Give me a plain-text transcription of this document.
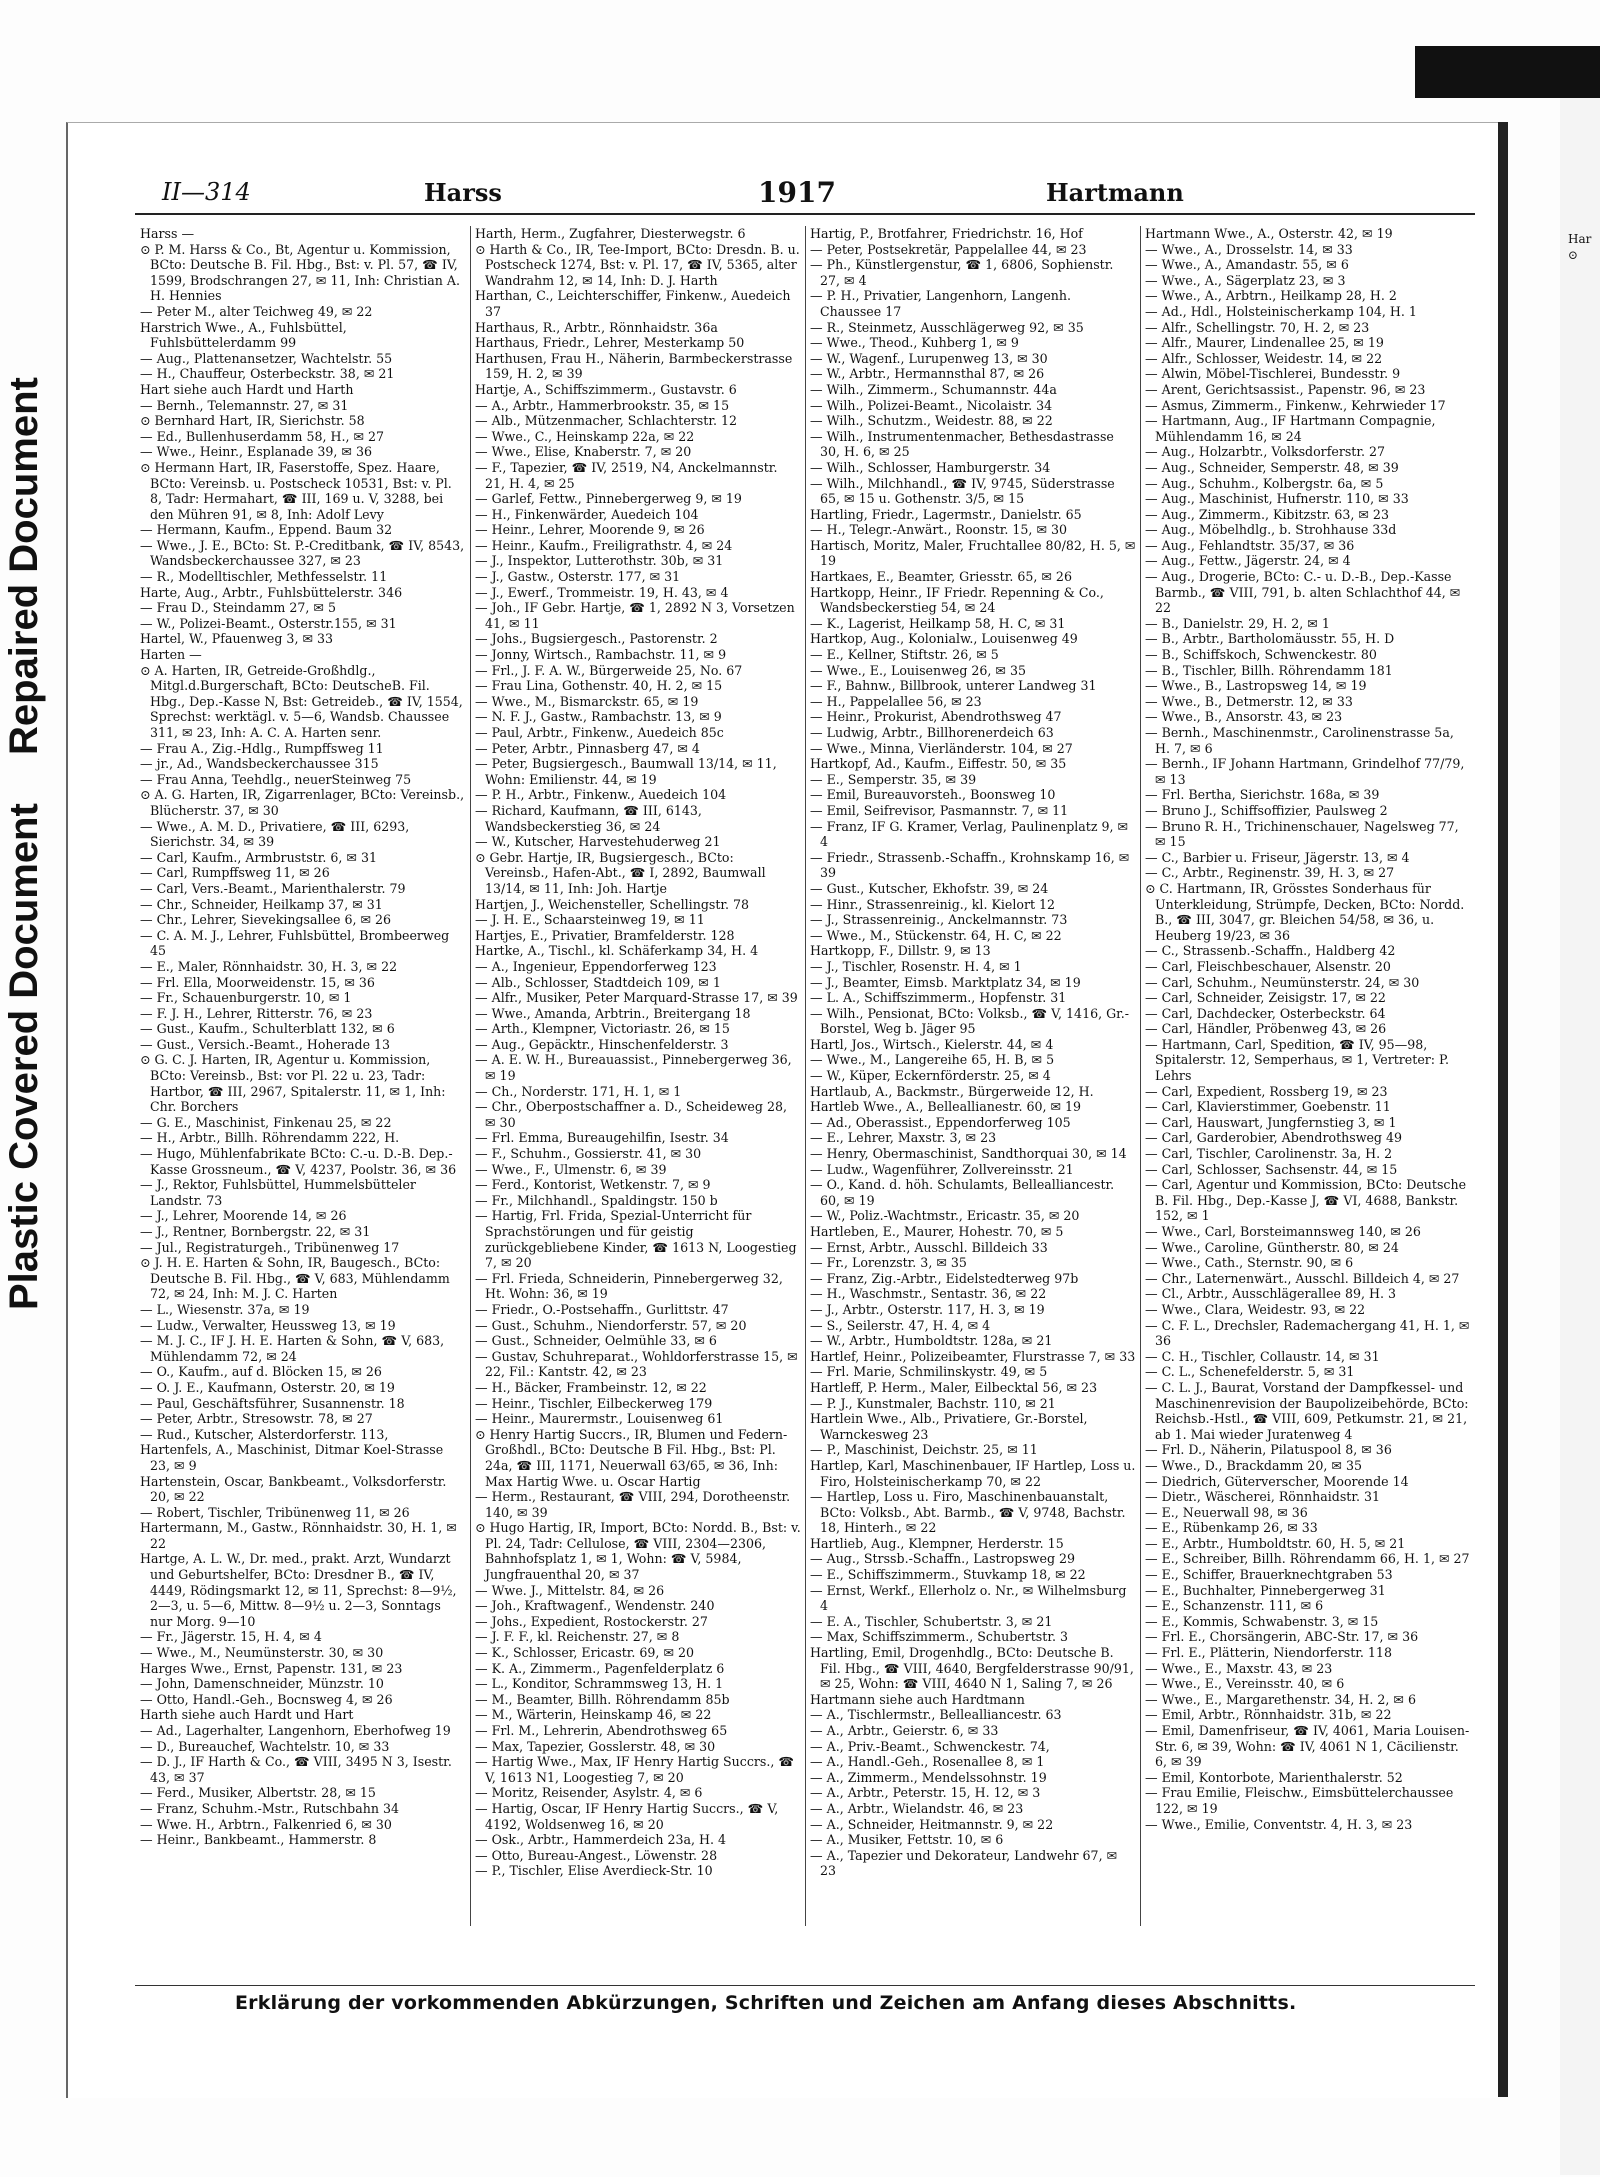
Plastic Covered Document
Repaired Document
II—314	Harss	1917	Hartmann

Harss —

⊙ P. M. Harss & Co., Bt, Agentur u. Kommission, BCto: Deutsche B. Fil. Hbg., Bst: v. Pl. 57, ☎ IV, 1599, Brodschrangen 27, ✉ 11, Inh: Christian A. H. Hennies

— Peter M., alter Teichweg 49, ✉ 22

Harstrich Wwe., A., Fuhlsbüttel, Fuhlsbüttelerdamm 99

— Aug., Plattenansetzer, Wachtelstr. 55

— H., Chauffeur, Osterbeckstr. 38, ✉ 21

Hart siehe auch Hardt und Harth

— Bernh., Telemannstr. 27, ✉ 31

⊙ Bernhard Hart, IR, Sierichstr. 58

— Ed., Bullenhuserdamm 58, H., ✉ 27

— Wwe., Heinr., Esplanade 39, ✉ 36

⊙ Hermann Hart, IR, Faserstoffe, Spez. Haare, BCto: Vereinsb. u. Postscheck 10531, Bst: v. Pl. 8, Tadr: Hermahart, ☎ III, 169 u. V, 3288, bei den Mühren 91, ✉ 8, Inh: Adolf Levy

— Hermann, Kaufm., Eppend. Baum 32

— Wwe., J. E., BCto: St. P.-Creditbank, ☎ IV, 8543, Wandsbeckerchaussee 327, ✉ 23

— R., Modelltischler, Methfesselstr. 11

Harte, Aug., Arbtr., Fuhlsbüttelerstr. 346

— Frau D., Steindamm 27, ✉ 5

— W., Polizei-Beamt., Osterstr.155, ✉ 31

Hartel, W., Pfauenweg 3, ✉ 33

Harten —

⊙ A. Harten, IR, Getreide-Großhdlg., Mitgl.d.Burgerschaft, BCto: DeutscheB. Fil. Hbg., Dep.-Kasse N, Bst: Getreideb., ☎ IV, 1554, Sprechst: werktägl. v. 5—6, Wandsb. Chaussee 311, ✉ 23, Inh: A. C. A. Harten senr.

— Frau A., Zig.-Hdlg., Rumpffsweg 11

— jr., Ad., Wandsbeckerchaussee 315

— Frau Anna, Teehdlg., neuerSteinweg 75

⊙ A. G. Harten, IR, Zigarrenlager, BCto: Vereinsb., Blücherstr. 37, ✉ 30

— Wwe., A. M. D., Privatiere, ☎ III, 6293, Sierichstr. 34, ✉ 39

— Carl, Kaufm., Armbruststr. 6, ✉ 31

— Carl, Rumpffsweg 11, ✉ 26

— Carl, Vers.-Beamt., Marienthalerstr. 79

— Chr., Schneider, Heilkamp 37, ✉ 31

— Chr., Lehrer, Sievekingsallee 6, ✉ 26

— C. A. M. J., Lehrer, Fuhlsbüttel, Brombeerweg 45

— E., Maler, Rönnhaidstr. 30, H. 3, ✉ 22

— Frl. Ella, Moorweidenstr. 15, ✉ 36

— Fr., Schauenburgerstr. 10, ✉ 1

— F. J. H., Lehrer, Ritterstr. 76, ✉ 23

— Gust., Kaufm., Schulterblatt 132, ✉ 6

— Gust., Versich.-Beamt., Hoherade 13

⊙ G. C. J. Harten, IR, Agentur u. Kommission, BCto: Vereinsb., Bst: vor Pl. 22 u. 23, Tadr: Hartbor, ☎ III, 2967, Spitalerstr. 11, ✉ 1, Inh: Chr. Borchers

— G. E., Maschinist, Finkenau 25, ✉ 22

— H., Arbtr., Billh. Röhrendamm 222, H.

— Hugo, Mühlenfabrikate BCto: C.-u. D.-B. Dep.-Kasse Grossneum., ☎ V, 4237, Poolstr. 36, ✉ 36

— J., Rektor, Fuhlsbüttel, Hummelsbütteler Landstr. 73

— J., Lehrer, Moorende 14, ✉ 26

— J., Rentner, Bornbergstr. 22, ✉ 31

— Jul., Registraturgeh., Tribünenweg 17

⊙ J. H. E. Harten & Sohn, IR, Baugesch., BCto: Deutsche B. Fil. Hbg., ☎ V, 683, Mühlendamm 72, ✉ 24, Inh: M. J. C. Harten

— L., Wiesenstr. 37a, ✉ 19

— Ludw., Verwalter, Heussweg 13, ✉ 19

— M. J. C., ⅠF J. H. E. Harten & Sohn, ☎ V, 683, Mühlendamm 72, ✉ 24

— O., Kaufm., auf d. Blöcken 15, ✉ 26

— O. J. E., Kaufmann, Osterstr. 20, ✉ 19

— Paul, Geschäftsführer, Susannenstr. 18

— Peter, Arbtr., Stresowstr. 78, ✉ 27

— Rud., Kutscher, Alsterdorferstr. 113,

Hartenfels, A., Maschinist, Ditmar Koel-Strasse 23, ✉ 9

Hartenstein, Oscar, Bankbeamt., Volksdorferstr. 20, ✉ 22

— Robert, Tischler, Tribünenweg 11, ✉ 26

Hartermann, M., Gastw., Rönnhaidstr. 30, H. 1, ✉ 22

Hartge, A. L. W., Dr. med., prakt. Arzt, Wundarzt und Geburtshelfer, BCto: Dresdner B., ☎ IV, 4449, Rödingsmarkt 12, ✉ 11, Sprechst: 8—9½, 2—3, u. 5—6, Mittw. 8—9½ u. 2—3, Sonntags nur Morg. 9—10

— Fr., Jägerstr. 15, H. 4, ✉ 4

— Wwe., M., Neumünsterstr. 30, ✉ 30

Harges Wwe., Ernst, Papenstr. 131, ✉ 23

— John, Damenschneider, Münzstr. 10

— Otto, Handl.-Geh., Bocnsweg 4, ✉ 26

Harth siehe auch Hardt und Hart

— Ad., Lagerhalter, Langenhorn, Eberhofweg 19

— D., Bureauchef, Wachtelstr. 10, ✉ 33

— D. J., ⅠF Harth & Co., ☎ VIII, 3495 N 3, Isestr. 43, ✉ 37

— Ferd., Musiker, Albertstr. 28, ✉ 15

— Franz, Schuhm.-Mstr., Rutschbahn 34

— Wwe. H., Arbtrn., Falkenried 6, ✉ 30

— Heinr., Bankbeamt., Hammerstr. 8

Harth, Herm., Zugfahrer, Diesterwegstr. 6

⊙ Harth & Co., IR, Tee-Import, BCto: Dresdn. B. u. Postscheck 1274, Bst: v. Pl. 17, ☎ IV, 5365, alter Wandrahm 12, ✉ 14, Inh: D. J. Harth

Harthan, C., Leichterschiffer, Finkenw., Auedeich 37

Harthaus, R., Arbtr., Rönnhaidstr. 36a

Harthaus, Friedr., Lehrer, Mesterkamp 50

Harthusen, Frau H., Näherin, Barmbeckerstrasse 159, H. 2, ✉ 39

Hartje, A., Schiffszimmerm., Gustavstr. 6

— A., Arbtr., Hammerbrookstr. 35, ✉ 15

— Alb., Mützenmacher, Schlachterstr. 12

— Wwe., C., Heinskamp 22a, ✉ 22

— Wwe., Elise, Knaberstr. 7, ✉ 20

— F., Tapezier, ☎ IV, 2519, N4, Anckelmannstr. 21, H. 4, ✉ 25

— Garlef, Fettw., Pinnebergerweg 9, ✉ 19

— H., Finkenwärder, Auedeich 104

— Heinr., Lehrer, Moorende 9, ✉ 26

— Heinr., Kaufm., Freiligrathstr. 4, ✉ 24

— J., Inspektor, Lutterothstr. 30b, ✉ 31

— J., Gastw., Osterstr. 177, ✉ 31

— J., Ewerf., Trommeistr. 19, H. 43, ✉ 4

— Joh., ⅠF Gebr. Hartje, ☎ 1, 2892 N 3, Vorsetzen 41, ✉ 11

— Johs., Bugsiergesch., Pastorenstr. 2

— Jonny, Wirtsch., Rambachstr. 11, ✉ 9

— Frl., J. F. A. W., Bürgerweide 25, No. 67

— Frau Lina, Gothenstr. 40, H. 2, ✉ 15

— Wwe., M., Bismarckstr. 65, ✉ 19

— N. F. J., Gastw., Rambachstr. 13, ✉ 9

— Paul, Arbtr., Finkenw., Auedeich 85c

— Peter, Arbtr., Pinnasberg 47, ✉ 4

— Peter, Bugsiergesch., Baumwall 13/14, ✉ 11, Wohn: Emilienstr. 44, ✉ 19

— P. H., Arbtr., Finkenw., Auedeich 104

— Richard, Kaufmann, ☎ III, 6143, Wandsbeckerstieg 36, ✉ 24

— W., Kutscher, Harvestehuderweg 21

⊙ Gebr. Hartje, IR, Bugsiergesch., BCto: Vereinsb., Hafen-Abt., ☎ I, 2892, Baumwall 13/14, ✉ 11, Inh: Joh. Hartje

Hartjen, J., Weichensteller, Schellingstr. 78

— J. H. E., Schaarsteinweg 19, ✉ 11

Hartjes, E., Privatier, Bramfelderstr. 128

Hartke, A., Tischl., kl. Schäferkamp 34, H. 4

— A., Ingenieur, Eppendorferweg 123

— Alb., Schlosser, Stadtdeich 109, ✉ 1

— Alfr., Musiker, Peter Marquard-Strasse 17, ✉ 39

— Wwe., Amanda, Arbtrin., Breitergang 18

— Arth., Klempner, Victoriastr. 26, ✉ 15

— Aug., Gepäcktr., Hinschenfelderstr. 3

— A. E. W. H., Bureauassist., Pinnebergerweg 36, ✉ 19

— Ch., Norderstr. 171, H. 1, ✉ 1

— Chr., Oberpostschaffner a. D., Scheideweg 28, ✉ 30

— Frl. Emma, Bureaugehilfin, Isestr. 34

— F., Schuhm., Gossierstr. 41, ✉ 30

— Wwe., F., Ulmenstr. 6, ✉ 39

— Ferd., Kontorist, Wetkenstr. 7, ✉ 9

— Fr., Milchhandl., Spaldingstr. 150 b

— Hartig, Frl. Frida, Spezial-Unterricht für Sprachstörungen und für geistig zurückgebliebene Kinder, ☎ 1613 N, Loogestieg 7, ✉ 20

— Frl. Frieda, Schneiderin, Pinnebergerweg 32, Ht. Wohn: 36, ✉ 19

— Friedr., O.-Postsehaffn., Gurlittstr. 47

— Gust., Schuhm., Niendorferstr. 57, ✉ 20

— Gust., Schneider, Oelmühle 33, ✉ 6

— Gustav, Schuhreparat., Wohldorferstrasse 15, ✉ 22, Fil.: Kantstr. 42, ✉ 23

— H., Bäcker, Frambeinstr. 12, ✉ 22

— Heinr., Tischler, Eilbeckerweg 179

— Heinr., Maurermstr., Louisenweg 61

⊙ Henry Hartig Succrs., IR, Blumen und Federn-Großhdl., BCto: Deutsche B Fil. Hbg., Bst: Pl. 24a, ☎ III, 1171, Neuerwall 63/65, ✉ 36, Inh: Max Hartig Wwe. u. Oscar Hartig

— Herm., Restaurant, ☎ VIII, 294, Dorotheenstr. 140, ✉ 39

⊙ Hugo Hartig, IR, Import, BCto: Nordd. B., Bst: v. Pl. 24, Tadr: Cellulose, ☎ VIII, 2304—2306, Bahnhofsplatz 1, ✉ 1, Wohn: ☎ V, 5984, Jungfrauenthal 20, ✉ 37

— Wwe. J., Mittelstr. 84, ✉ 26

— Joh., Kraftwagenf., Wendenstr. 240

— Johs., Expedient, Rostockerstr. 27

— J. F. F., kl. Reichenstr. 27, ✉ 8

— K., Schlosser, Ericastr. 69, ✉ 20

— K. A., Zimmerm., Pagenfelderplatz 6

— L., Konditor, Schrammsweg 13, H. 1

— M., Beamter, Billh. Röhrendamm 85b

— M., Wärterin, Heinskamp 46, ✉ 22

— Frl. M., Lehrerin, Abendrothsweg 65

— Max, Tapezier, Gosslerstr. 48, ✉ 30

— Hartig Wwe., Max, ⅠF Henry Hartig Succrs., ☎ V, 1613 N1, Loogestieg 7, ✉ 20

— Moritz, Reisender, Asylstr. 4, ✉ 6

— Hartig, Oscar, ⅠF Henry Hartig Succrs., ☎ V, 4192, Woldsenweg 16, ✉ 20

— Osk., Arbtr., Hammerdeich 23a, H. 4

— Otto, Bureau-Angest., Löwenstr. 28

— P., Tischler, Elise Averdieck-Str. 10

Hartig, P., Brotfahrer, Friedrichstr. 16, Hof

— Peter, Postsekretär, Pappelallee 44, ✉ 23

— Ph., Künstlergenstur, ☎ 1, 6806, Sophienstr. 27, ✉ 4

— P. H., Privatier, Langenhorn, Langenh. Chaussee 17

— R., Steinmetz, Ausschlägerweg 92, ✉ 35

— Wwe., Theod., Kuhberg 1, ✉ 9

— W., Wagenf., Lurupenweg 13, ✉ 30

— W., Arbtr., Hermannsthal 87, ✉ 26

— Wilh., Zimmerm., Schumannstr. 44a

— Wilh., Polizei-Beamt., Nicolaistr. 34

— Wilh., Schutzm., Weidestr. 88, ✉ 22

— Wilh., Instrumentenmacher, Bethesdastrasse 30, H. 6, ✉ 25

— Wilh., Schlosser, Hamburgerstr. 34

— Wilh., Milchhandl., ☎ IV, 9745, Süderstrasse 65, ✉ 15 u. Gothenstr. 3/5, ✉ 15

Hartling, Friedr., Lagermstr., Danielstr. 65

— H., Telegr.-Anwärt., Roonstr. 15, ✉ 30

Hartisch, Moritz, Maler, Fruchtallee 80/82, H. 5, ✉ 19

Hartkaes, E., Beamter, Griesstr. 65, ✉ 26

Hartkopp, Heinr., ⅠF Friedr. Repenning & Co., Wandsbeckerstieg 54, ✉ 24

— K., Lagerist, Heilkamp 58, H. C, ✉ 31

Hartkop, Aug., Kolonialw., Louisenweg 49

— E., Kellner, Stiftstr. 26, ✉ 5

— Wwe., E., Louisenweg 26, ✉ 35

— F., Bahnw., Billbrook, unterer Landweg 31

— H., Pappelallee 56, ✉ 23

— Heinr., Prokurist, Abendrothsweg 47

— Ludwig, Arbtr., Billhorenerdeich 63

— Wwe., Minna, Vierländerstr. 104, ✉ 27

Hartkopf, Ad., Kaufm., Eiffestr. 50, ✉ 35

— E., Semperstr. 35, ✉ 39

— Emil, Bureauvorsteh., Boonsweg 10

— Emil, Seifrevisor, Pasmannstr. 7, ✉ 11

— Franz, ⅠF G. Kramer, Verlag, Paulinenplatz 9, ✉ 4

— Friedr., Strassenb.-Schaffn., Krohnskamp 16, ✉ 39

— Gust., Kutscher, Ekhofstr. 39, ✉ 24

— Hinr., Strassenreinig., kl. Kielort 12

— J., Strassenreinig., Anckelmannstr. 73

— Wwe., M., Stückenstr. 64, H. C, ✉ 22

Hartkopp, F., Dillstr. 9, ✉ 13

— J., Tischler, Rosenstr. H. 4, ✉ 1

— J., Beamter, Eimsb. Marktplatz 34, ✉ 19

— L. A., Schiffszimmerm., Hopfenstr. 31

— Wilh., Pensionat, BCto: Volksb., ☎ V, 1416, Gr.-Borstel, Weg b. Jäger 95

Hartl, Jos., Wirtsch., Kielerstr. 44, ✉ 4

— Wwe., M., Langereihe 65, H. B, ✉ 5

— W., Küper, Eckernförderstr. 25, ✉ 4

Hartlaub, A., Backmstr., Bürgerweide 12, H.

Hartleb Wwe., A., Belleallianestr. 60, ✉ 19

— Ad., Oberassist., Eppendorferweg 105

— E., Lehrer, Maxstr. 3, ✉ 23

— Henry, Obermaschinist, Sandthorquai 30, ✉ 14

— Ludw., Wagenführer, Zollvereinsstr. 21

— O., Kand. d. höh. Schulamts, Bellealliancestr. 60, ✉ 19

— W., Poliz.-Wachtmstr., Ericastr. 35, ✉ 20

Hartleben, E., Maurer, Hohestr. 70, ✉ 5

— Ernst, Arbtr., Ausschl. Billdeich 33

— Fr., Lorenzstr. 3, ✉ 35

— Franz, Zig.-Arbtr., Eidelstedterweg 97b

— H., Waschmstr., Sentastr. 36, ✉ 22

— J., Arbtr., Osterstr. 117, H. 3, ✉ 19

— S., Seilerstr. 47, H. 4, ✉ 4

— W., Arbtr., Humboldtstr. 128a, ✉ 21

Hartlef, Heinr., Polizeibeamter, Flurstrasse 7, ✉ 33

— Frl. Marie, Schmilinskystr. 49, ✉ 5

Hartleff, P. Herm., Maler, Eilbecktal 56, ✉ 23

— P. J., Kunstmaler, Bachstr. 110, ✉ 21

Hartlein Wwe., Alb., Privatiere, Gr.-Borstel, Warnckesweg 23

— P., Maschinist, Deichstr. 25, ✉ 11

Hartlep, Karl, Maschinenbauer, ⅠF Hartlep, Loss u. Firo, Holsteinischerkamp 70, ✉ 22

— Hartlep, Loss u. Firo, Maschinenbauanstalt, BCto: Volksb., Abt. Barmb., ☎ V, 9748, Bachstr. 18, Hinterh., ✉ 22

Hartlieb, Aug., Klempner, Herderstr. 15

— Aug., Strssb.-Schaffn., Lastropsweg 29

— E., Schiffszimmerm., Stuvkamp 18, ✉ 22

— Ernst, Werkf., Ellerholz o. Nr., ✉ Wilhelmsburg 4

— E. A., Tischler, Schubertstr. 3, ✉ 21

— Max, Schiffszimmerm., Schubertstr. 3

Hartling, Emil, Drogenhdlg., BCto: Deutsche B. Fil. Hbg., ☎ VIII, 4640, Bergfelderstrasse 90/91, ✉ 25, Wohn: ☎ VIII, 4640 N 1, Saling 7, ✉ 26

Hartmann siehe auch Hardtmann

— A., Tischlermstr., Bellealliancestr. 63

— A., Arbtr., Geierstr. 6, ✉ 33

— A., Priv.-Beamt., Schwenckestr. 74,

— A., Handl.-Geh., Rosenallee 8, ✉ 1

— A., Zimmerm., Mendelssohnstr. 19

— A., Arbtr., Peterstr. 15, H. 12, ✉ 3

— A., Arbtr., Wielandstr. 46, ✉ 23

— A., Schneider, Heitmannstr. 9, ✉ 22

— A., Musiker, Fettstr. 10, ✉ 6

— A., Tapezier und Dekorateur, Landwehr 67, ✉ 23

Hartmann Wwe., A., Osterstr. 42, ✉ 19

— Wwe., A., Drosselstr. 14, ✉ 33

— Wwe., A., Amandastr. 55, ✉ 6

— Wwe., A., Sägerplatz 23, ✉ 3

— Wwe., A., Arbtrn., Heilkamp 28, H. 2

— Ad., Hdl., Holsteinischerkamp 104, H. 1

— Alfr., Schellingstr. 70, H. 2, ✉ 23

— Alfr., Maurer, Lindenallee 25, ✉ 19

— Alfr., Schlosser, Weidestr. 14, ✉ 22

— Alwin, Möbel-Tischlerei, Bundesstr. 9

— Arent, Gerichtsassist., Papenstr. 96, ✉ 23

— Asmus, Zimmerm., Finkenw., Kehrwieder 17

— Hartmann, Aug., ⅠF Hartmann Compagnie, Mühlendamm 16, ✉ 24

— Aug., Holzarbtr., Volksdorferstr. 27

— Aug., Schneider, Semperstr. 48, ✉ 39

— Aug., Schuhm., Kolbergstr. 6a, ✉ 5

— Aug., Maschinist, Hufnerstr. 110, ✉ 33

— Aug., Zimmerm., Kibitzstr. 63, ✉ 23

— Aug., Möbelhdlg., b. Strohhause 33d

— Aug., Fehlandtstr. 35/37, ✉ 36

— Aug., Fettw., Jägerstr. 24, ✉ 4

— Aug., Drogerie, BCto: C.- u. D.-B., Dep.-Kasse Barmb., ☎ VIII, 791, b. alten Schlachthof 44, ✉ 22

— B., Danielstr. 29, H. 2, ✉ 1

— B., Arbtr., Bartholomäusstr. 55, H. D

— B., Schiffskoch, Schwenckestr. 80

— B., Tischler, Billh. Röhrendamm 181

— Wwe., B., Lastropsweg 14, ✉ 19

— Wwe., B., Detmerstr. 12, ✉ 33

— Wwe., B., Ansorstr. 43, ✉ 23

— Bernh., Maschinenmstr., Carolinenstrasse 5a, H. 7, ✉ 6

— Bernh., ⅠF Johann Hartmann, Grindelhof 77/79, ✉ 13

— Frl. Bertha, Sierichstr. 168a, ✉ 39

— Bruno J., Schiffsoffizier, Paulsweg 2

— Bruno R. H., Trichinenschauer, Nagelsweg 77, ✉ 15

— C., Barbier u. Friseur, Jägerstr. 13, ✉ 4

— C., Arbtr., Reginenstr. 39, H. 3, ✉ 27

⊙ C. Hartmann, IR, Grösstes Sonderhaus für Unterkleidung, Strümpfe, Decken, BCto: Nordd. B., ☎ III, 3047, gr. Bleichen 54/58, ✉ 36, u. Heuberg 19/23, ✉ 36

— C., Strassenb.-Schaffn., Haldberg 42

— Carl, Fleischbeschauer, Alsenstr. 20

— Carl, Schuhm., Neumünsterstr. 24, ✉ 30

— Carl, Schneider, Zeisigstr. 17, ✉ 22

— Carl, Dachdecker, Osterbeckstr. 64

— Carl, Händler, Pröbenweg 43, ✉ 26

— Hartmann, Carl, Spedition, ☎ IV, 95—98, Spitalerstr. 12, Semperhaus, ✉ 1, Vertreter: P. Lehrs

— Carl, Expedient, Rossberg 19, ✉ 23

— Carl, Klavierstimmer, Goebenstr. 11

— Carl, Hauswart, Jungfernstieg 3, ✉ 1

— Carl, Garderobier, Abendrothsweg 49

— Carl, Tischler, Carolinenstr. 3a, H. 2

— Carl, Schlosser, Sachsenstr. 44, ✉ 15

— Carl, Agentur und Kommission, BCto: Deutsche B. Fil. Hbg., Dep.-Kasse J, ☎ VI, 4688, Bankstr. 152, ✉ 1

— Wwe., Carl, Borsteimannsweg 140, ✉ 26

— Wwe., Caroline, Güntherstr. 80, ✉ 24

— Wwe., Cath., Sternstr. 90, ✉ 6

— Chr., Laternenwärt., Ausschl. Billdeich 4, ✉ 27

— Cl., Arbtr., Ausschlägerallee 89, H. 3

— Wwe., Clara, Weidestr. 93, ✉ 22

— C. F. L., Drechsler, Rademachergang 41, H. 1, ✉ 36

— C. H., Tischler, Collaustr. 14, ✉ 31

— C. L., Schenefelderstr. 5, ✉ 31

— C. L. J., Baurat, Vorstand der Dampfkessel- und Maschinenrevision der Baupolizeibehörde, BCto: Reichsb.-Hstl., ☎ VIII, 609, Petkumstr. 21, ✉ 21, ab 1. Mai wieder Juratenweg 4

— Frl. D., Näherin, Pilatuspool 8, ✉ 36

— Wwe., D., Brackdamm 20, ✉ 35

— Diedrich, Güterverscher, Moorende 14

— Dietr., Wäscherei, Rönnhaidstr. 31

— E., Neuerwall 98, ✉ 36

— E., Rübenkamp 26, ✉ 33

— E., Arbtr., Humboldtstr. 60, H. 5, ✉ 21

— E., Schreiber, Billh. Röhrendamm 66, H. 1, ✉ 27

— E., Schiffer, Brauerknechtgraben 53

— E., Buchhalter, Pinnebergerweg 31

— E., Schanzenstr. 111, ✉ 6

— E., Kommis, Schwabenstr. 3, ✉ 15

— Frl. E., Chorsängerin, ABC-Str. 17, ✉ 36

— Frl. E., Plätterin, Niendorferstr. 118

— Wwe., E., Maxstr. 43, ✉ 23

— Wwe., E., Vereinsstr. 40, ✉ 6

— Wwe., E., Margarethenstr. 34, H. 2, ✉ 6

— Emil, Arbtr., Rönnhaidstr. 31b, ✉ 22

— Emil, Damenfriseur, ☎ IV, 4061, Maria Louisen-Str. 6, ✉ 39, Wohn: ☎ IV, 4061 N 1, Cäcilienstr. 6, ✉ 39

— Emil, Kontorbote, Marienthalerstr. 52

— Frau Emilie, Fleischw., Eimsbüttelerchaussee 122, ✉ 19

— Wwe., Emilie, Conventstr. 4, H. 3, ✉ 23

Erklärung der vorkommenden Abkürzungen, Schriften und Zeichen am Anfang dieses Abschnitts.
Har
⊙
